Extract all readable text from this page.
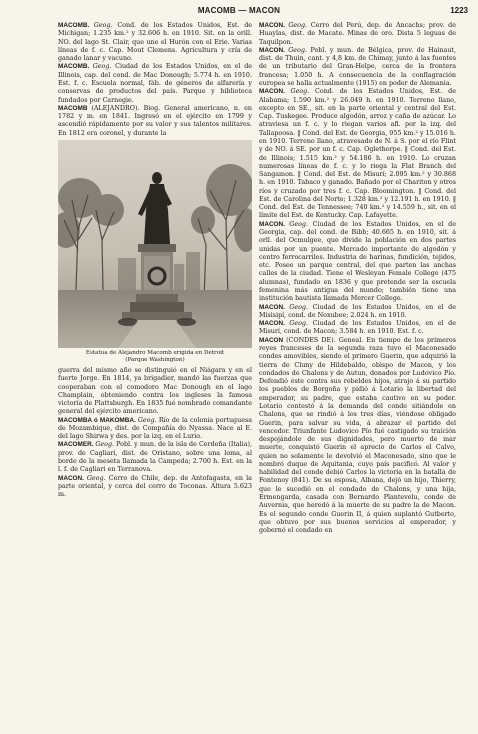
MACOMB — MACON	1223

MACOMB. Geog. Cond. de los Estados Unidos, Est. de Michigan; 1.235 km.² y 32.606 h. en 1910. Sit. en la orill. NO. del lago St. Clair, que une el Hurón con el Erie. Varias líneas de f. c. Cap. Mout Clemens. Agricultura y cría de ganado lanar y vacuno.

MACOMB. Geog. Ciudad de los Estados Unidos, en el de Illinois, cap. del cond. de Mac Donough; 5.774 h. en 1910. Est. f. c. Escuela normal, fáb. de géneros de alfarería y conservas de productos del país. Parque y biblioteca fundados por Carnegie.

MACOMB (ALEJANDRO). Biog. General americano, n. en 1782 y m. en 1841. Ingresó en el ejército en 1799 y ascendió rápidamente por su valor y sus talentos militares. En 1812 era coronel, y durante la

Estatua de Alejandro Macomb erigida en Detroit
(Parque Washington)

guerra del mismo año se distinguió en el Niágara y en el fuerte Jorge. En 1814, ya brigadier, mandó las fuerzas que cooperaban con el comodoro Mac Donough en el lago Champlain, obteniendo contra los ingleses la famosa victoria de Plattsburgh. En 1835 fué nombrado comandante general del ejército americano.

MACOMBA ó MAKOMBA. Geog. Río de la colonia portuguesa de Mozambique, dist. de Compañía do Nyassa. Nace al E. del lago Shirwa y des. por la izq. en el Lurio.

MACOMER. Geog. Pobl. y mun. de la isla de Cerdeña (Italia), prov. de Cagliari, dist. de Oristano, sobre una loma, al borde de la meseta llamada la Campeda; 2.700 h. Est. en la l. f. de Cagliari en Terranova.

MACON. Geog. Cerro de Chile, dep. de Antofagasta, en la parte oriental, y cerca del cerro de Toconas. Altura 5.623 m.

MACON. Geog. Cerro del Perú, dep. de Ancachs; prov. de Huaylas, dist. de Macate. Minas de oro. Dista 5 leguas de Taquilpon.

MACON. Geog. Pobl. y mun. de Bélgica, prov. de Hainaut, dist. de Thuin, cant. y 4,8 km. de Chimay, junto á las fuentes de un tributario del Gran-Helpe, cerca de la frontera francesa; 1.050 h. A consecuencia de la conflagración europea se halla actualmente (1915) en poder de Alemania.

MACON. Geog. Cond. de los Estados Unidos, Est. de Alabama; 1.590 km.² y 26.049 h. en 1910. Terreno llano, excepto en SE., sit. en la parte oriental y central del Est. Cap. Tuskegee. Produce algodón, arroz y caña de azúcar. Lo atraviesa un f. c. y lo riegan varios afl. por la izq. del Tallapoosa. ‖ Cond. del Est. de Georgia, 955 km.² y 15.016 h. en 1910. Terreno llano, atravesado de N. á S. por el río Flint y de NO. á SE. por un f. c. Cap. Oglethorpe. ‖ Cond. del Est. de Illinois; 1.515 km.² y 54.186 h. en 1910. Lo cruzan numerosas líneas de f. c. y lo riega la Flat Branch del Sangamon. ‖ Cond. del Est. de Misurí; 2.095 km.² y 30.868 h. en 1910. Tabaco y ganado. Bañado por el Chariton y otros ríos y cruzado por tres f. c. Cap. Bloomington. ‖ Cond. del Est. de Carolina del Norte; 1.328 km.² y 12.191 h. en 1910. ‖ Cond. del Est. de Tennessee; 740 km.² y 14.559 h., sit. en el límite del Est. de Kentucky. Cap. Lafayette.

MACON. Geog. Ciudad de los Estados Unidos, en el de Georgia, cap. del cond. de Bibb; 40.665 h. en 1910, sit. á orll. del Ocmulgee, que divide la población en dos partes unidas por un puente. Mercado importante de algodón y centro ferrocarriles. Industria de harinas, fundición, tejidos, etc. Posee un parque central, del que parten las anchas calles de la ciudad. Tiene el Wesleyan Female College (475 alumnas), fundado en 1836 y que pretende ser la escuela femenina más antigua del mundo; también tiene una institución bautista llamada Mercer College.

MACON. Geog. Ciudad de los Estados Unidos, en el de Misisipí, cond. de Noxubee; 2.024 h. en 1910.

MACON. Geog. Ciudad de los Estados Unidos, en el de Misurí, cond. de Macon; 3.584 h. en 1910. Est. f. c.

MACON (CONDES DE). Geneal. En tiempo de los primeros reyes franceses de la segunda raza tuvo el Maconesado condes amovibles, siendo el primero Guerin, que adquirió la tierra de Cluny de Hildebaldo, obispo de Macon, y los condados de Chalons y de Autun, donados por Ludovico Pío. Defendió éste contra sus rebeldes hijos, atrajo á su partido los pueblos de Borgoña y pidió á Lotario la libertad del emperador, su padre, que estaba cautivo en su poder. Lotario contestó á la demanda del conde sitiándole en Chalons, que se rindió á los tres días, viéndose obligado Guerin, para salvar su vida, á abrazar el partido del vencedor. Triunfante Ludovico Pío fué castigado su traición despojándole de sus dignidades, pero muerto de mar muerte, conquistó Guerin el aprecio de Carlos el Calvo, quien no solamente le devolvió el Maconesado, sino que le nombró duque de Aquitania, cuyo país pacificó. Al valor y habilidad del conde debió Carlos la victoria en la batalla de Fontenoy (841). De su esposa, Albana, dejó un hijo, Thierry, que le sucedió en el condado de Chalons, y una hija, Ermengarda, casada con Bernardo Plantevelu, conde de Auvernia, que heredó á la muerte de su padre la de Macon. Es el segundo conde Guerin II, á quien suplantó Gutberto, que obtuvo por sus buenos servicios al emperador, y gobernó el condado en
